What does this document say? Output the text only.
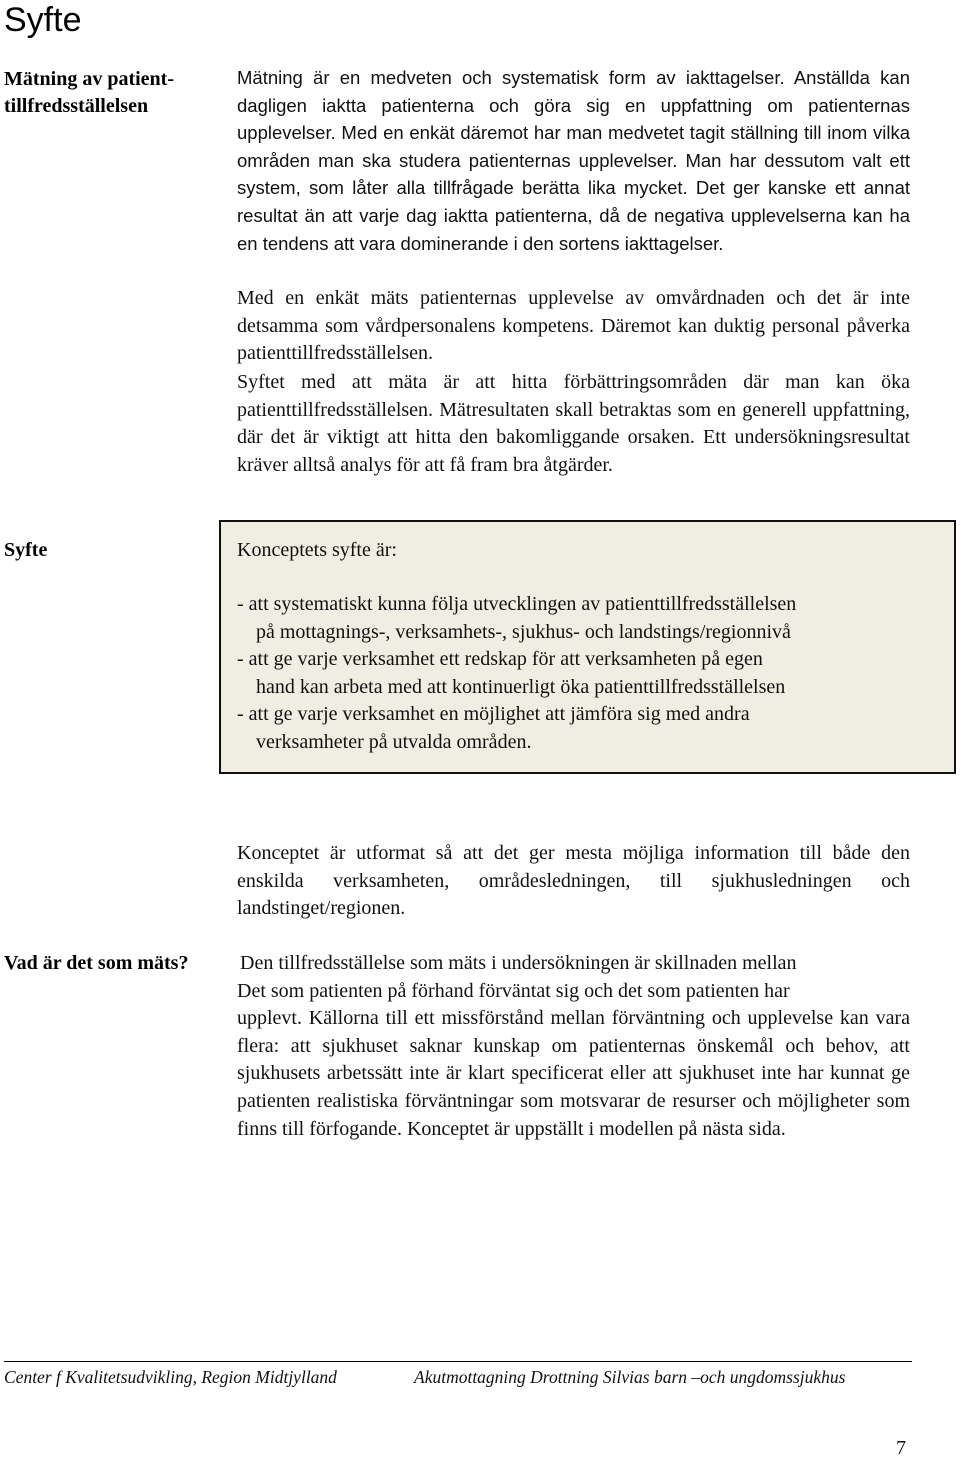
Syfte
Mätning av patient-tillfredsställelsen

Mätning är en medveten och systematisk form av iakttagelser. Anställda kan dagligen iaktta patienterna och göra sig en uppfattning om patienternas upplevelser. Med en enkät däremot har man medvetet tagit ställning till inom vilka områden man ska studera patienternas upplevelser. Man har dessutom valt ett system, som låter alla tillfrågade berätta lika mycket. Det ger kanske ett annat resultat än att varje dag iaktta patienterna, då de negativa upplevelserna kan ha en tendens att vara dominerande i den sortens iakttagelser.

Med en enkät mäts patienternas upplevelse av omvårdnaden och det är inte detsamma som vårdpersonalens kompetens. Däremot kan duktig personal påverka patienttillfredsställelsen.

Syftet med att mäta är att hitta förbättringsområden där man kan öka patienttillfredsställelsen. Mätresultaten skall betraktas som en generell uppfattning, där det är viktigt att hitta den bakomliggande orsaken. Ett undersökningsresultat kräver alltså analys för att få fram bra åtgärder.

Syfte	Konceptets syfte är:
- att systematiskt kunna följa utvecklingen av patienttillfredsställelsen
på mottagnings-, verksamhets-, sjukhus- och landstings/regionnivå
- att ge varje verksamhet ett redskap för att verksamheten på egen
hand kan arbeta med att kontinuerligt öka patienttillfredsställelsen
- att ge varje verksamhet en möjlighet att jämföra sig med andra
verksamheter på utvalda områden.

Konceptet är utformat så att det ger mesta möjliga information till både den enskilda verksamheten, områdesledningen, till sjukhusledningen och landstinget/regionen.

Vad är det som mäts?	Den tillfredsställelse som mäts i undersökningen är skillnaden mellan
Det som patienten på förhand förväntat sig och det som patienten har

upplevt. Källorna till ett missförstånd mellan förväntning och upplevelse kan vara flera: att sjukhuset saknar kunskap om patienternas önskemål och behov, att sjukhusets arbetssätt inte är klart specificerat eller att sjukhuset inte har kunnat ge patienten realistiska förväntningar som motsvarar de resurser och möjligheter som finns till förfogande. Konceptet är uppställt i modellen på nästa sida.

Center f Kvalitetsudvikling, Region Midtjylland	Akutmottagning Drottning Silvias barn –och ungdomssjukhus
7
